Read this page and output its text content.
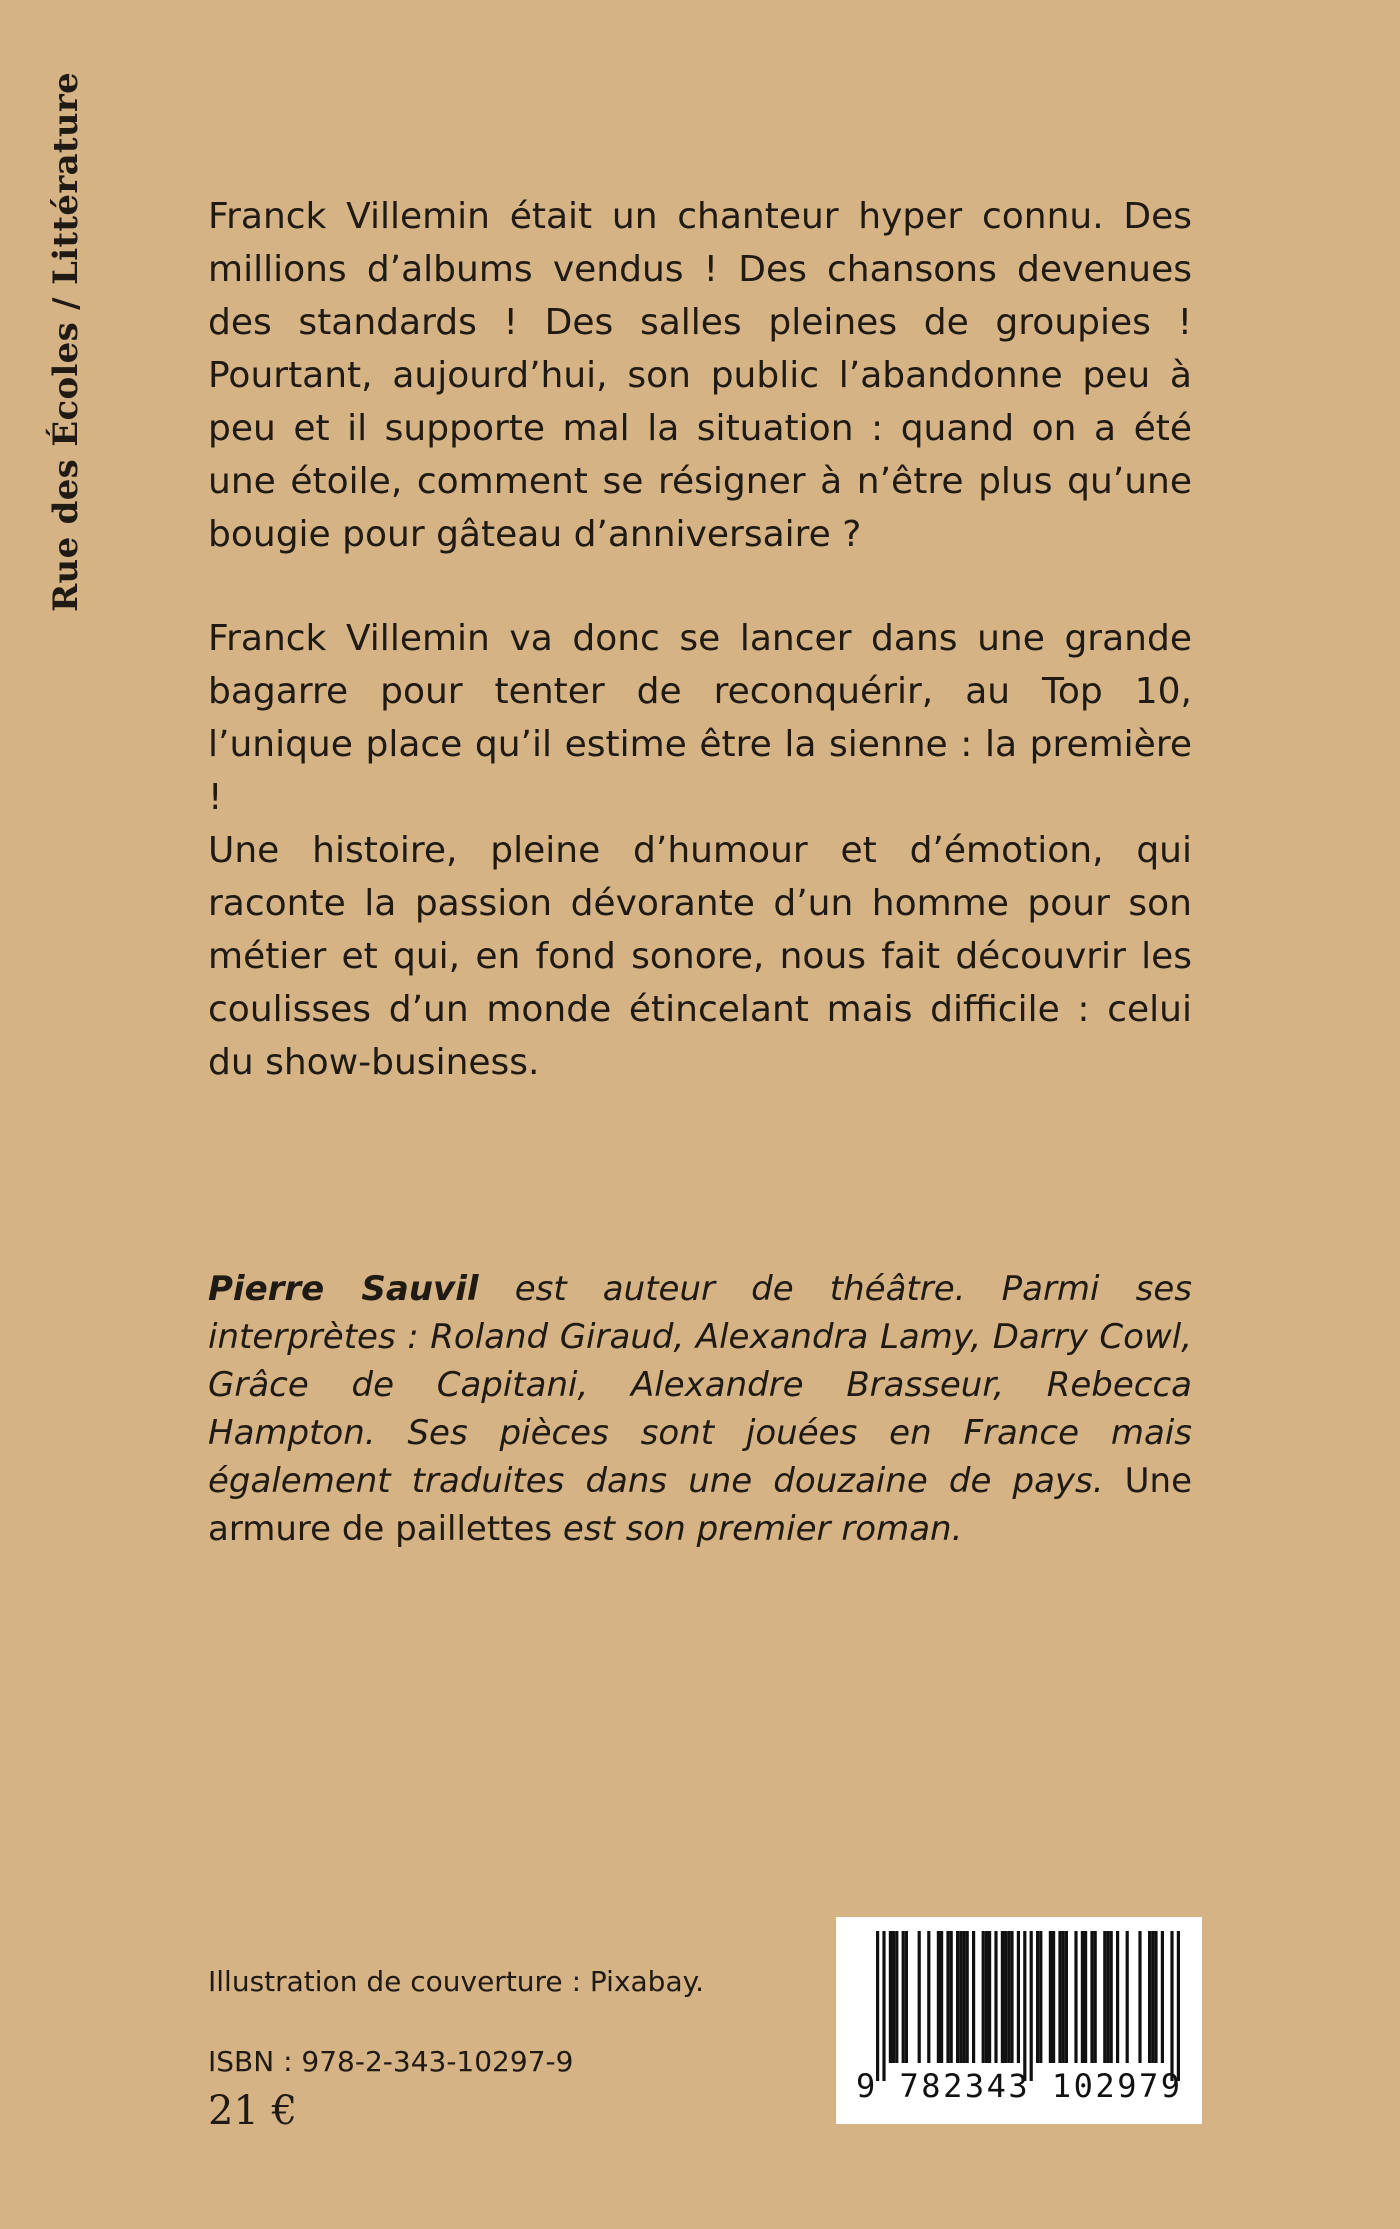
Rue des Écoles / Littérature	Franck Villemin était un chanteur hyper connu. Des millions d’albums vendus ! Des chansons devenues des standards ! Des salles pleines de groupies ! Pourtant, aujourd’hui, son public l’abandonne peu à peu et il supporte mal la situation : quand on a été une étoile, comment se résigner à n’être plus qu’une bougie pour gâteau d’anniversaire ?

Franck Villemin va donc se lancer dans une grande bagarre pour tenter de reconquérir, au Top 10, l’unique place qu’il estime être la sienne : la première !

Une histoire, pleine d’humour et d’émotion, qui raconte la passion dévorante d’un homme pour son métier et qui, en fond sonore, nous fait découvrir les coulisses d’un monde étincelant mais difficile : celui du show-business.

Pierre Sauvil est auteur de théâtre. Parmi ses interprètes : Roland Giraud, Alexandra Lamy, Darry Cowl, Grâce de Capitani, Alexandre Brasseur, Rebecca Hampton. Ses pièces sont jouées en France mais également traduites dans une douzaine de pays. Une armure de paillettes est son premier roman.

Illustration de couverture : Pixabay.
ISBN : 978-2-343-10297-9
21 €
9 782343 102979
